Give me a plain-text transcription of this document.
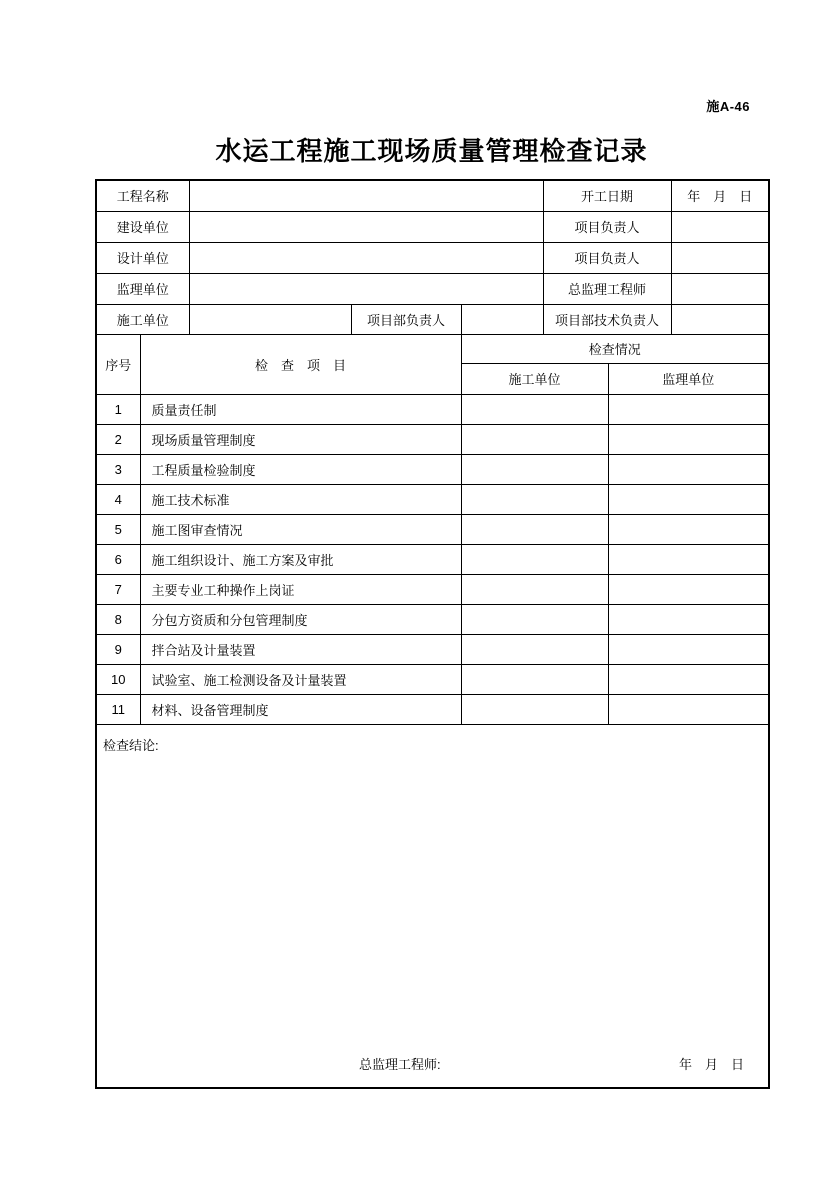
施A-46
水运工程施工现场质量管理检查记录
工程名称					开工日期		年　月　日
建设单位					项目负责人		
设计单位					项目负责人		
监理单位					总监理工程师		
施工单位			项目部负责人		项目部技术负责人		
序号	检　查　项　目			检查情况			
				施工单位		监理单位	
1	质量责任制						
2	现场质量管理制度						
3	工程质量检验制度						
4	施工技术标准						
5	施工图审查情况						
6	施工组织设计、施工方案及审批						
7	主要专业工种操作上岗证						
8	分包方资质和分包管理制度						
9	拌合站及计量装置						
10	试验室、施工检测设备及计量装置						
11	材料、设备管理制度						

检查结论:
总监理工程师: 年　月　日							
